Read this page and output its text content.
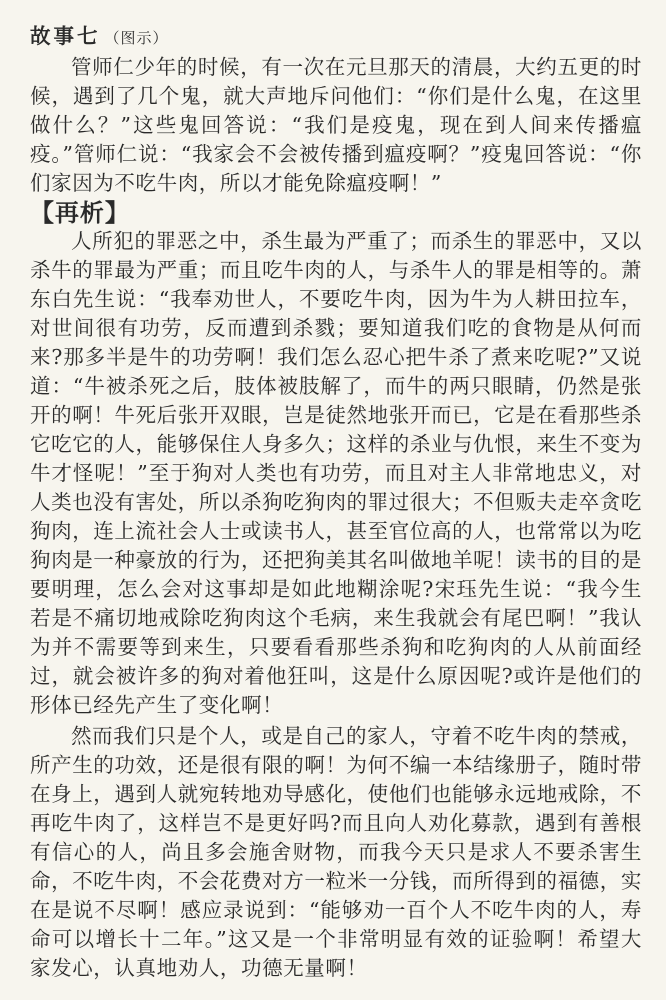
故事七 （图示）

管师仁少年的时候，有一次在元旦那天的清晨，大约五更的时候，遇到了几个鬼，就大声地斥问他们：“你们是什么鬼，在这里做什么？”这些鬼回答说：“我们是疫鬼，现在到人间来传播瘟疫。”管师仁说：“我家会不会被传播到瘟疫啊？”疫鬼回答说：“你们家因为不吃牛肉，所以才能免除瘟疫啊！”

【再析】

人所犯的罪恶之中，杀生最为严重了；而杀生的罪恶中，又以杀牛的罪最为严重；而且吃牛肉的人，与杀牛人的罪是相等的。萧东白先生说：“我奉劝世人，不要吃牛肉，因为牛为人耕田拉车，对世间很有功劳，反而遭到杀戮；要知道我们吃的食物是从何而来?那多半是牛的功劳啊！我们怎么忍心把牛杀了煮来吃呢?”又说道：“牛被杀死之后，肢体被肢解了，而牛的两只眼睛，仍然是张开的啊！牛死后张开双眼，岂是徒然地张开而已，它是在看那些杀它吃它的人，能够保住人身多久；这样的杀业与仇恨，来生不变为牛才怪呢！”至于狗对人类也有功劳，而且对主人非常地忠义，对人类也没有害处，所以杀狗吃狗肉的罪过很大；不但贩夫走卒贪吃狗肉，连上流社会人士或读书人，甚至官位高的人，也常常以为吃狗肉是一种豪放的行为，还把狗美其名叫做地羊呢！读书的目的是要明理，怎么会对这事却是如此地糊涂呢?宋珏先生说：“我今生若是不痛切地戒除吃狗肉这个毛病，来生我就会有尾巴啊！”我认为并不需要等到来生，只要看看那些杀狗和吃狗肉的人从前面经过，就会被许多的狗对着他狂叫，这是什么原因呢?或许是他们的形体已经先产生了变化啊！

然而我们只是个人，或是自己的家人，守着不吃牛肉的禁戒，所产生的功效，还是很有限的啊！为何不编一本结缘册子，随时带在身上，遇到人就宛转地劝导感化，使他们也能够永远地戒除，不再吃牛肉了，这样岂不是更好吗?而且向人劝化募款，遇到有善根有信心的人，尚且多会施舍财物，而我今天只是求人不要杀害生命，不吃牛肉，不会花费对方一粒米一分钱，而所得到的福德，实在是说不尽啊！感应录说到：“能够劝一百个人不吃牛肉的人，寿命可以增长十二年。”这又是一个非常明显有效的证验啊！希望大家发心，认真地劝人，功德无量啊！
